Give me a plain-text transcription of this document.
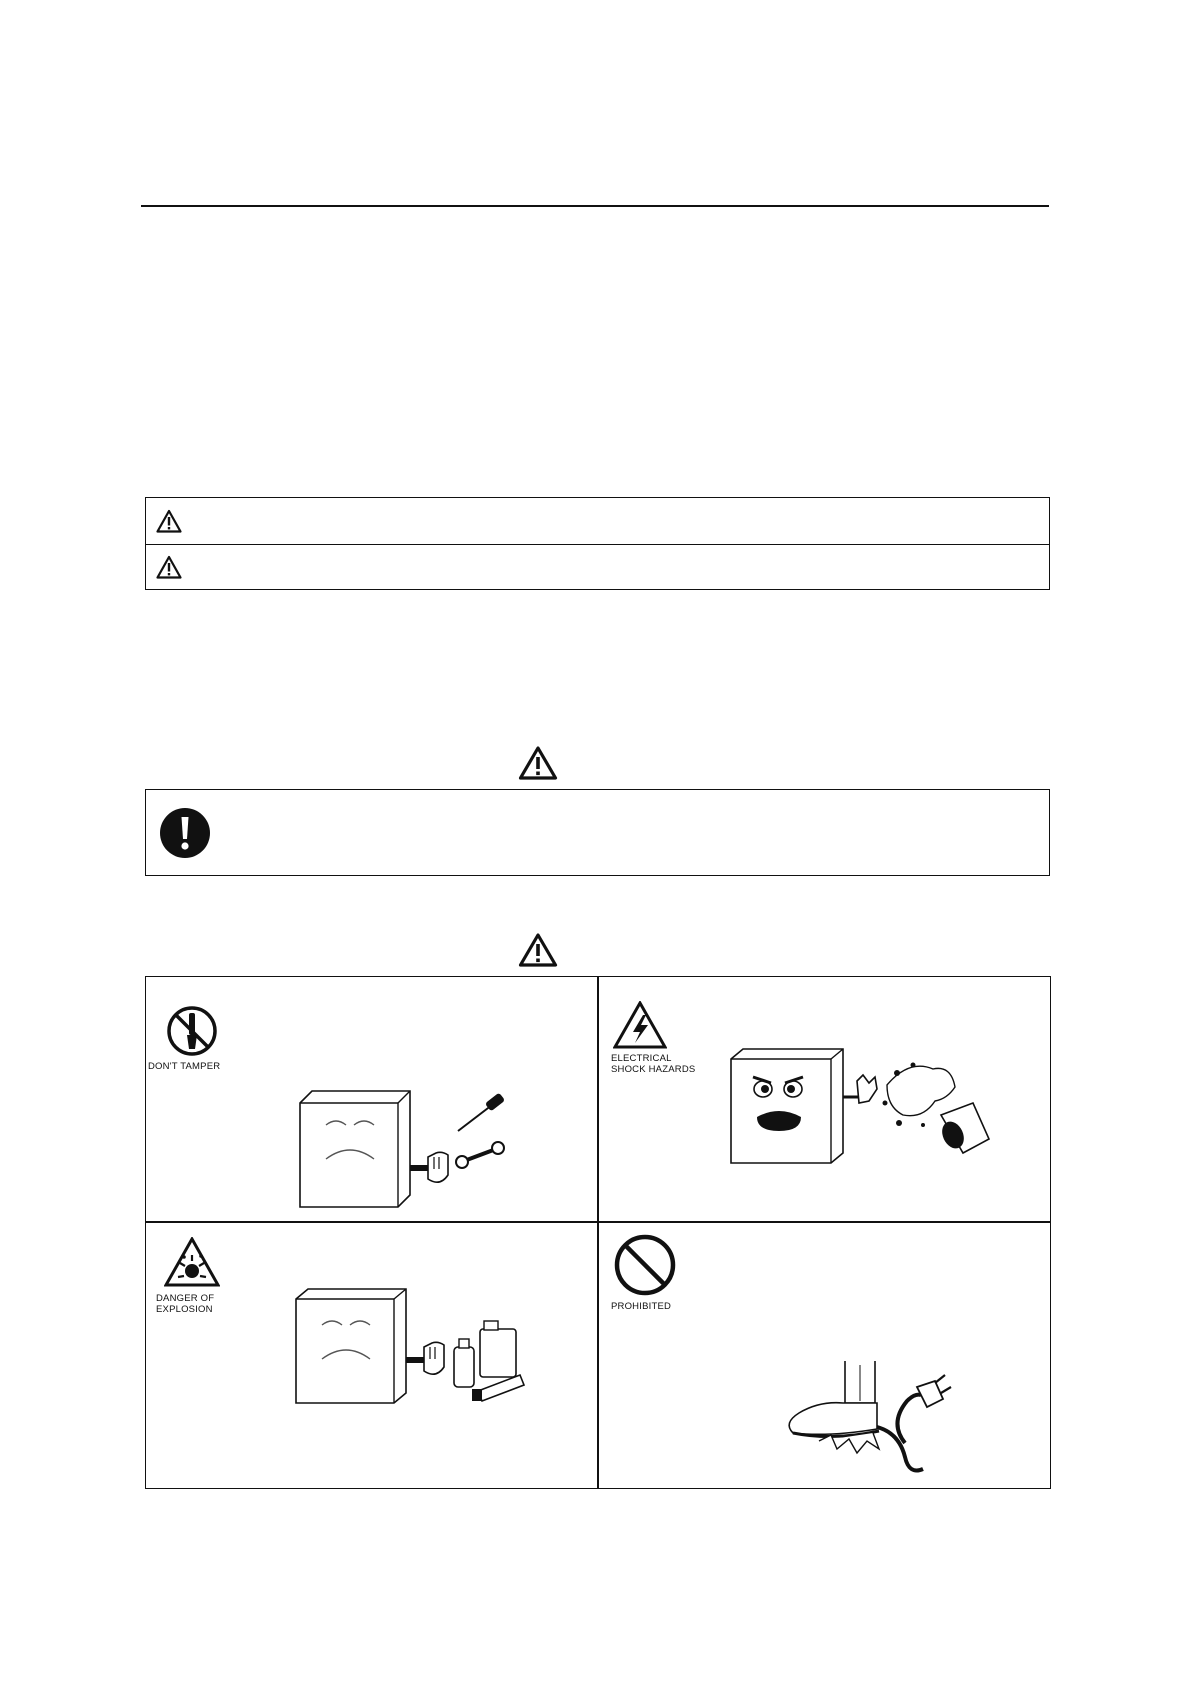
DON'T TAMPER
ELECTRICAL
SHOCK HAZARDS
DANGER OF
EXPLOSION	PROHIBITED
